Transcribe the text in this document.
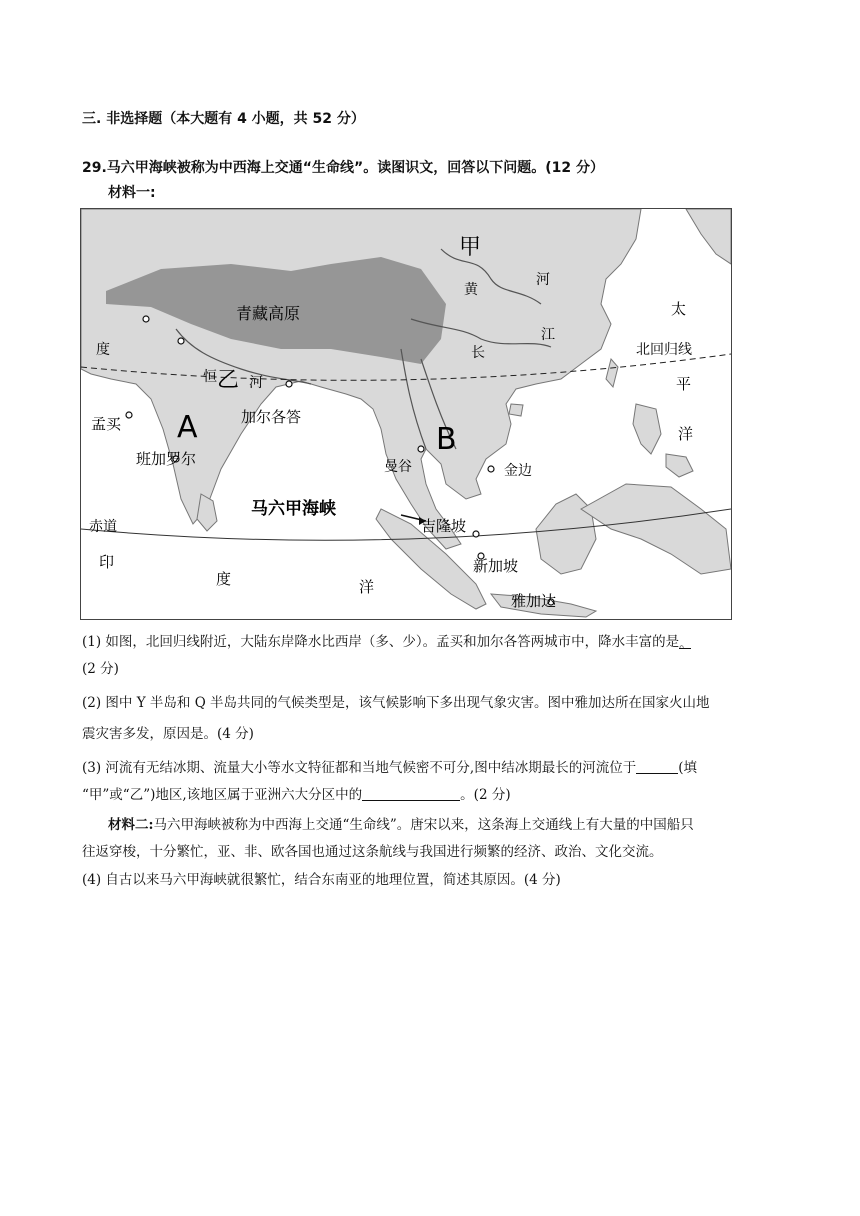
三. 非选择题（本大题有 4 小题，共 52 分）
29.马六甲海峡被称为中西海上交通“生命线”。读图识文，回答以下问题。(12 分）
材料一:
甲
黄
河
青藏高原
长
江
太
平
洋
北回归线
度
恒 河
乙
加尔各答
孟买 A
班加罗尔
B
曼谷	金边
马六甲海峡
吉隆坡
新加坡
雅加达
赤道
印
度	洋
(1) 如图，北回归线附近，大陆东岸降水比西岸（多、少）。孟买和加尔各答两城市中，降水丰富的是。
(2 分)
(2) 图中 Y 半岛和 Q 半岛共同的气候类型是，该气候影响下多出现气象灾害。图中雅加达所在国家火山地
震灾害多发，原因是。(4 分)
(3) 河流有无结冰期、流量大小等水文特征都和当地气候密不可分,图中结冰期最长的河流位于	(填
“甲”或“乙”)地区,该地区属于亚洲六大分区中的	。(2 分)
材料二:马六甲海峡被称为中西海上交通“生命线”。唐宋以来，这条海上交通线上有大量的中国船只
往返穿梭，十分繁忙，亚、非、欧各国也通过这条航线与我国进行频繁的经济、政治、文化交流。
(4) 自古以来马六甲海峡就很繁忙，结合东南亚的地理位置，简述其原因。(4 分)
